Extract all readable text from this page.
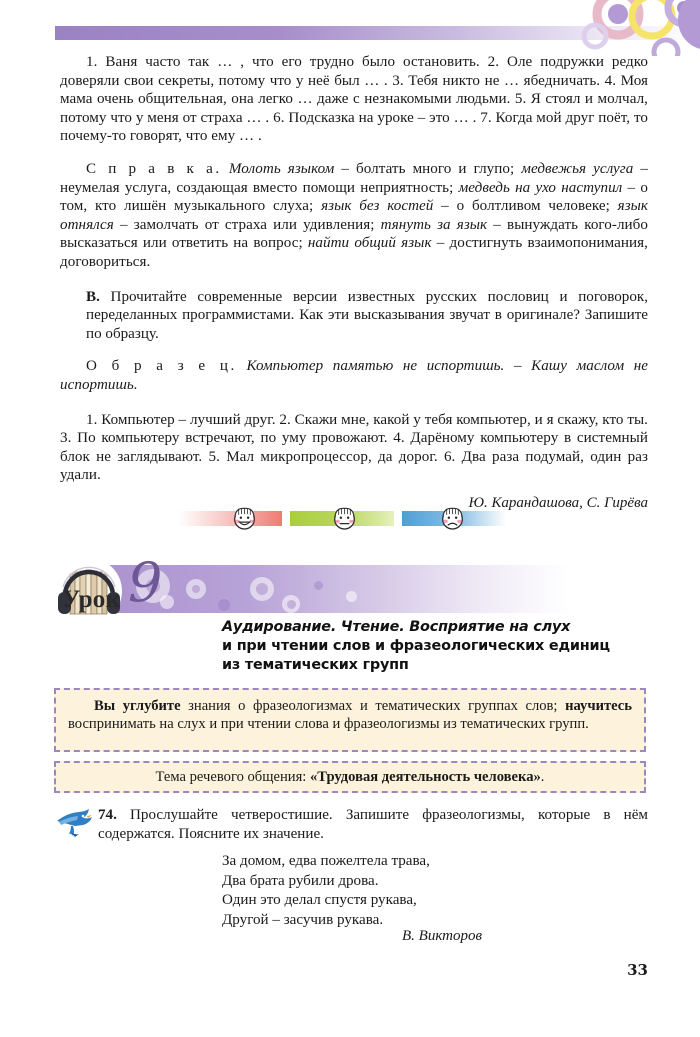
1. Ваня часто так … , что его трудно было остановить. 2. Оле подружки редко доверяли свои секреты, потому что у неё был … . 3. Тебя никто не … ябедничать. 4. Моя мама очень общительная, она легко … даже с незнакомыми людьми. 5. Я стоял и молчал, потому что у меня от страха … . 6. Подсказка на уроке – это … . 7. Когда мой друг поёт, то почему-то говорят, что ему … .

С п р а в к а. Молоть языком – болтать много и глупо; медвежья услуга – неумелая услуга, создающая вместо помощи неприятность; медведь на ухо наступил – о том, кто лишён музыкального слуха; язык без костей – о болтливом человеке; язык отнялся – замолчать от страха или удивления; тянуть за язык – вынуждать кого-либо высказаться или ответить на вопрос; найти общий язык – достигнуть взаимопонимания, договориться.

В. Прочитайте современные версии известных русских пословиц и поговорок, переделанных программистами. Как эти высказывания звучат в оригинале? Запишите по образцу.

О б р а з е ц. Компьютер памятью не испортишь. – Кашу маслом не испортишь.

1. Компьютер – лучший друг. 2. Скажи мне, какой у тебя компьютер, и я скажу, кто ты. 3. По компьютеру встречают, по уму провожают. 4. Дарёному компьютеру в системный блок не заглядывают. 5. Мал микропроцессор, да дорог. 6. Два раза подумай, один раз удали.

Ю. Карандашова, С. Гирёва

Урок 9
Аудирование. Чтение. Восприятие на слух
и при чтении слов и фразеологических единиц
из тематических групп
Вы углубите знания о фразеологизмах и тематических группах слов; научитесь воспринимать на слух и при чтении слова и фразеологизмы из тематических групп.
Тема речевого общения: «Трудовая деятельность человека».
74. Прослушайте четверостишие. Запишите фразеологизмы, которые в нём содержатся. Поясните их значение.
За домом, едва пожелтела трава,
Два брата рубили дрова.
Один это делал спустя рукава,
Другой – засучив рукава.
В. Викторов
33
